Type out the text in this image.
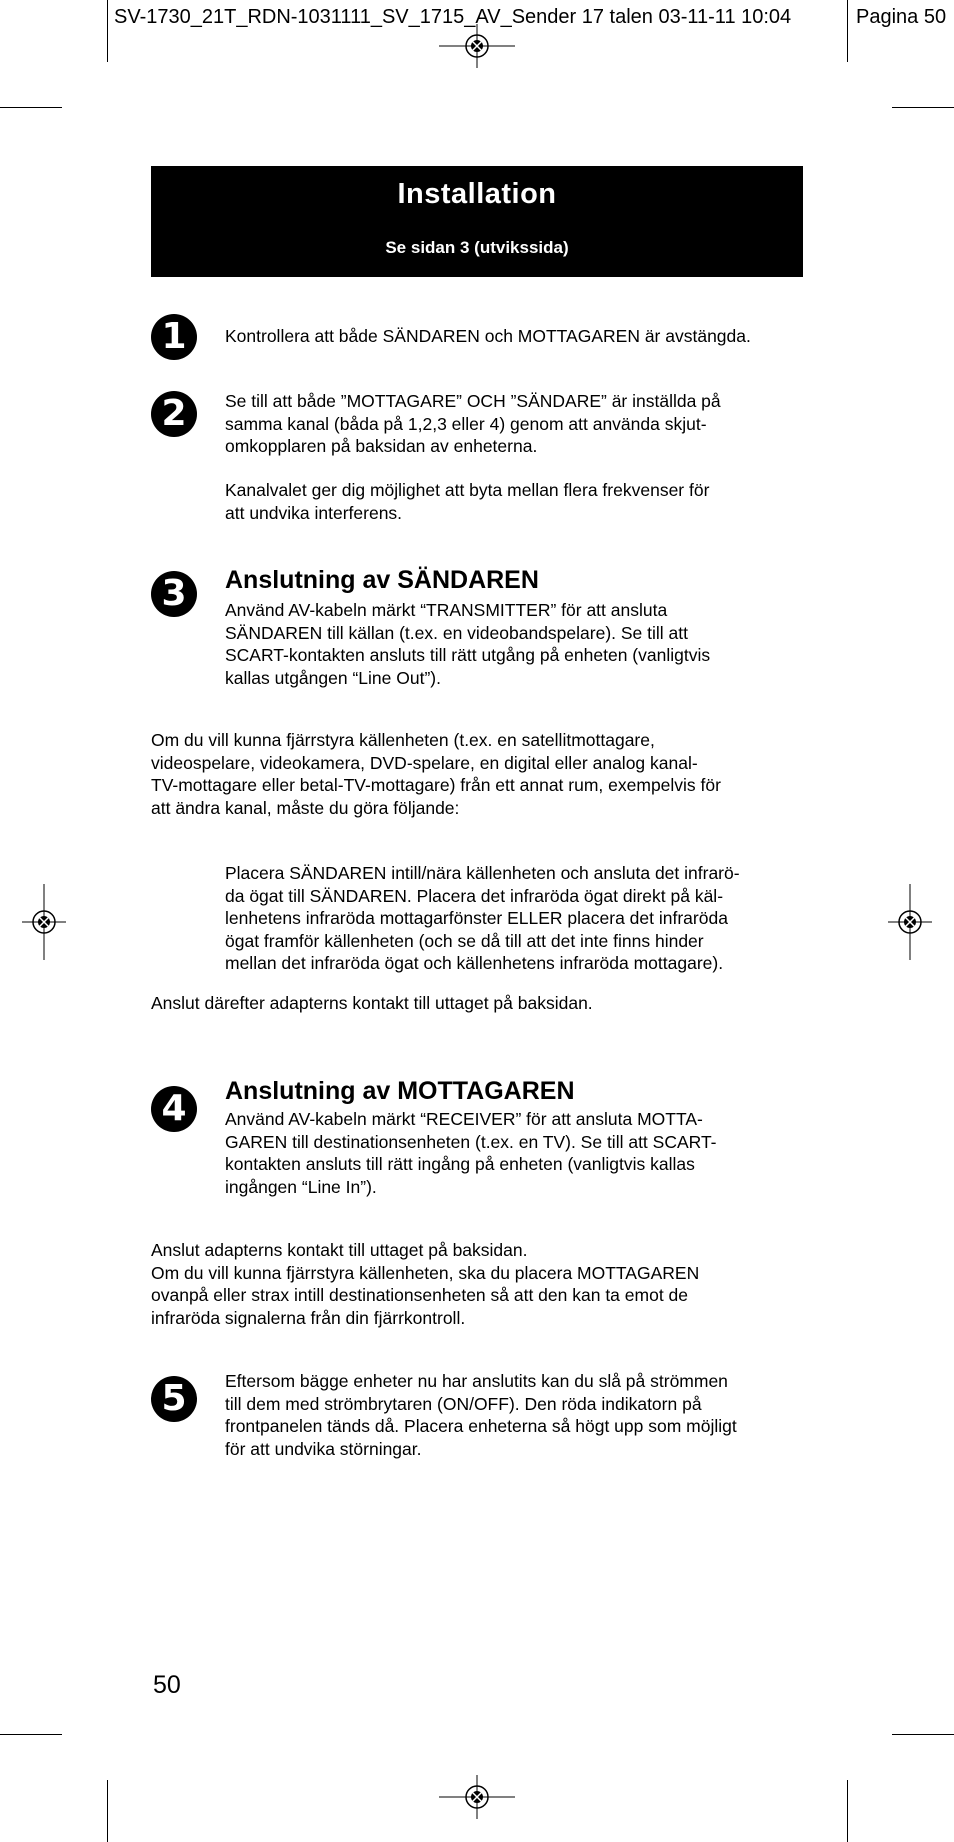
SV-1730_21T_RDN-1031111_SV_1715_AV_Sender 17 talen 03-11-11 10:04	Pagina 50
Installation
Se sidan 3 (utvikssida)
1	Kontrollera att både SÄNDAREN och MOTTAGAREN är avstängda.
2	Se till att både ”MOTTAGARE” OCH ”SÄNDARE” är inställda på
samma kanal (båda på 1,2,3 eller 4) genom att använda skjut-
omkopplaren på baksidan av enheterna.
Kanalvalet ger dig möjlighet att byta mellan flera frekvenser för
att undvika interferens.
3	Anslutning av SÄNDAREN
Använd AV-kabeln märkt “TRANSMITTER” för att ansluta
SÄNDAREN till källan (t.ex. en videobandspelare). Se till att
SCART-kontakten ansluts till rätt utgång på enheten (vanligtvis
kallas utgången “Line Out”).
Om du vill kunna fjärrstyra källenheten (t.ex. en satellitmottagare,
videospelare, videokamera, DVD-spelare, en digital eller analog kanal-
TV-mottagare eller betal-TV-mottagare) från ett annat rum, exempelvis för
att ändra kanal, måste du göra följande:
Placera SÄNDAREN intill/nära källenheten och ansluta det infrarö-
da ögat till SÄNDAREN. Placera det infraröda ögat direkt på käl-
lenhetens infraröda mottagarfönster ELLER placera det infraröda
ögat framför källenheten (och se då till att det inte finns hinder
mellan det infraröda ögat och källenhetens infraröda mottagare).
Anslut därefter adapterns kontakt till uttaget på baksidan.
4	Anslutning av MOTTAGAREN
Använd AV-kabeln märkt “RECEIVER” för att ansluta MOTTA-
GAREN till destinationsenheten (t.ex. en TV). Se till att SCART-
kontakten ansluts till rätt ingång på enheten (vanligtvis kallas
ingången “Line In”).
Anslut adapterns kontakt till uttaget på baksidan.
Om du vill kunna fjärrstyra källenheten, ska du placera MOTTAGAREN
ovanpå eller strax intill destinationsenheten så att den kan ta emot de
infraröda signalerna från din fjärrkontroll.
5	Eftersom bägge enheter nu har anslutits kan du slå på strömmen
till dem med strömbrytaren (ON/OFF). Den röda indikatorn på
frontpanelen tänds då. Placera enheterna så högt upp som möjligt
för att undvika störningar.
50
